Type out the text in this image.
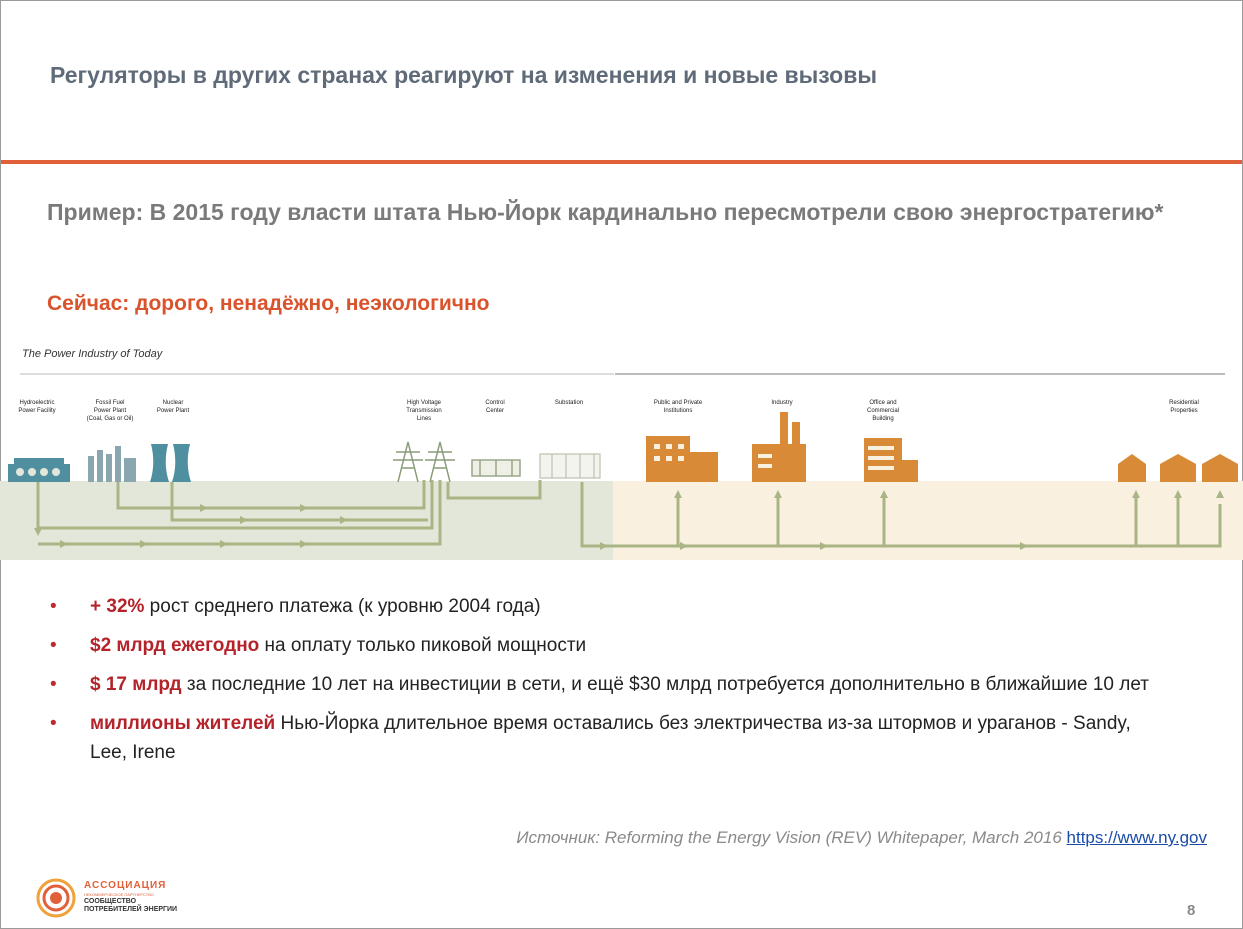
Регуляторы в других странах реагируют на изменения и новые вызовы
Пример: В 2015 году власти штата Нью-Йорк кардинально пересмотрели свою энергостратегию*
Сейчас: дорого, ненадёжно, неэкологично
The Power Industry of Today
Hydroelectric Power Facility
Fossil Fuel Power Plant (Coal, Gas or Oil)
Nuclear Power Plant
High Voltage Transmission Lines
Control Center
Substation	Public and Private Institutions
Industry	Office and Commercial Building
Residential Properties
• + 32% рост среднего платежа (к уровню 2004 года)
• $2 млрд ежегодно на оплату только пиковой мощности
• $ 17 млрд за последние 10 лет на инвестиции в сети, и ещё $30 млрд потребуется дополнительно в ближайшие 10 лет
• миллионы жителей Нью-Йорка длительное время оставались без электричества из-за штормов и ураганов - Sandy, Lee, Irene
Источник: Reforming the Energy Vision (REV) Whitepaper, March 2016 https://www.ny.gov
АССОЦИАЦИЯ
НЕКОММЕРЧЕСКОЕ ПАРТНЕРСТВО
СООБЩЕСТВО
ПОТРЕБИТЕЛЕЙ ЭНЕРГИИ	8
